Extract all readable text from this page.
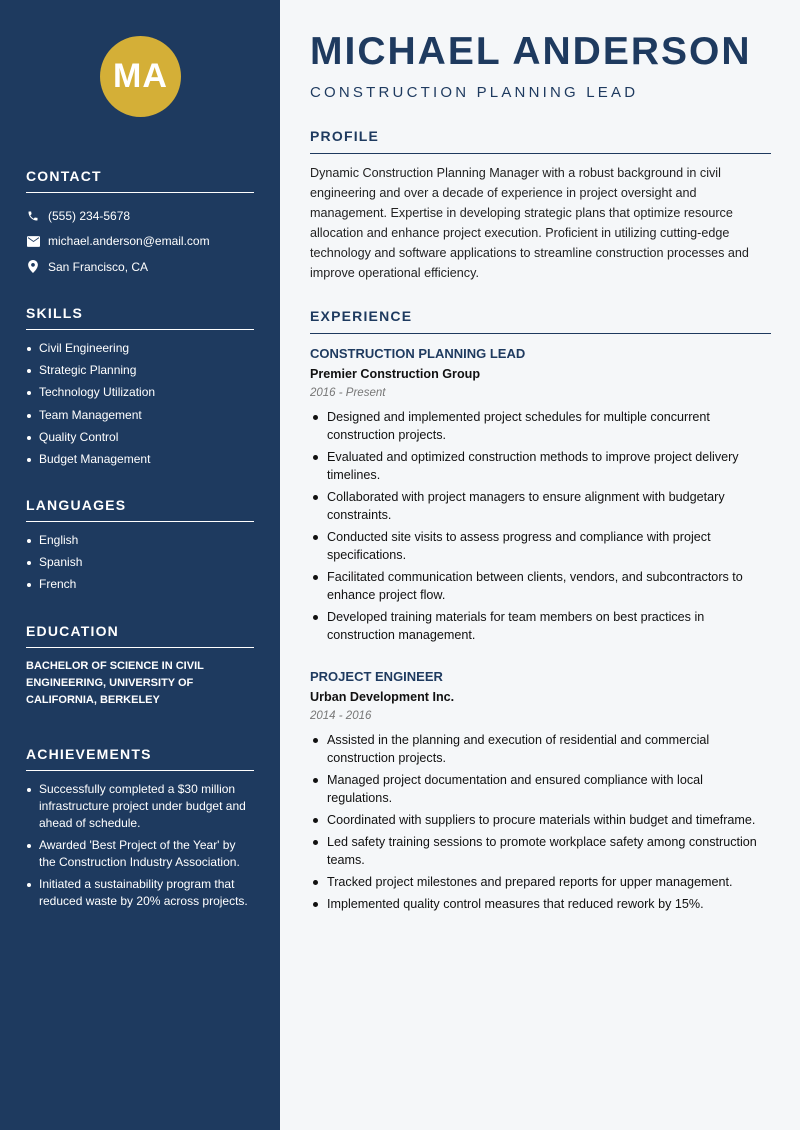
MA
CONTACT
(555) 234-5678
michael.anderson@email.com
San Francisco, CA
SKILLS
Civil Engineering
Strategic Planning
Technology Utilization
Team Management
Quality Control
Budget Management
LANGUAGES
English
Spanish
French
EDUCATION
BACHELOR OF SCIENCE IN CIVIL ENGINEERING, UNIVERSITY OF CALIFORNIA, BERKELEY
ACHIEVEMENTS
Successfully completed a $30 million infrastructure project under budget and ahead of schedule.
Awarded 'Best Project of the Year' by the Construction Industry Association.
Initiated a sustainability program that reduced waste by 20% across projects.
MICHAEL ANDERSON
CONSTRUCTION PLANNING LEAD
PROFILE
Dynamic Construction Planning Manager with a robust background in civil engineering and over a decade of experience in project oversight and management. Expertise in developing strategic plans that optimize resource allocation and enhance project execution. Proficient in utilizing cutting-edge technology and software applications to streamline construction processes and improve operational efficiency.
EXPERIENCE
CONSTRUCTION PLANNING LEAD
Premier Construction Group
2016 - Present
Designed and implemented project schedules for multiple concurrent construction projects.
Evaluated and optimized construction methods to improve project delivery timelines.
Collaborated with project managers to ensure alignment with budgetary constraints.
Conducted site visits to assess progress and compliance with project specifications.
Facilitated communication between clients, vendors, and subcontractors to enhance project flow.
Developed training materials for team members on best practices in construction management.
PROJECT ENGINEER
Urban Development Inc.
2014 - 2016
Assisted in the planning and execution of residential and commercial construction projects.
Managed project documentation and ensured compliance with local regulations.
Coordinated with suppliers to procure materials within budget and timeframe.
Led safety training sessions to promote workplace safety among construction teams.
Tracked project milestones and prepared reports for upper management.
Implemented quality control measures that reduced rework by 15%.
